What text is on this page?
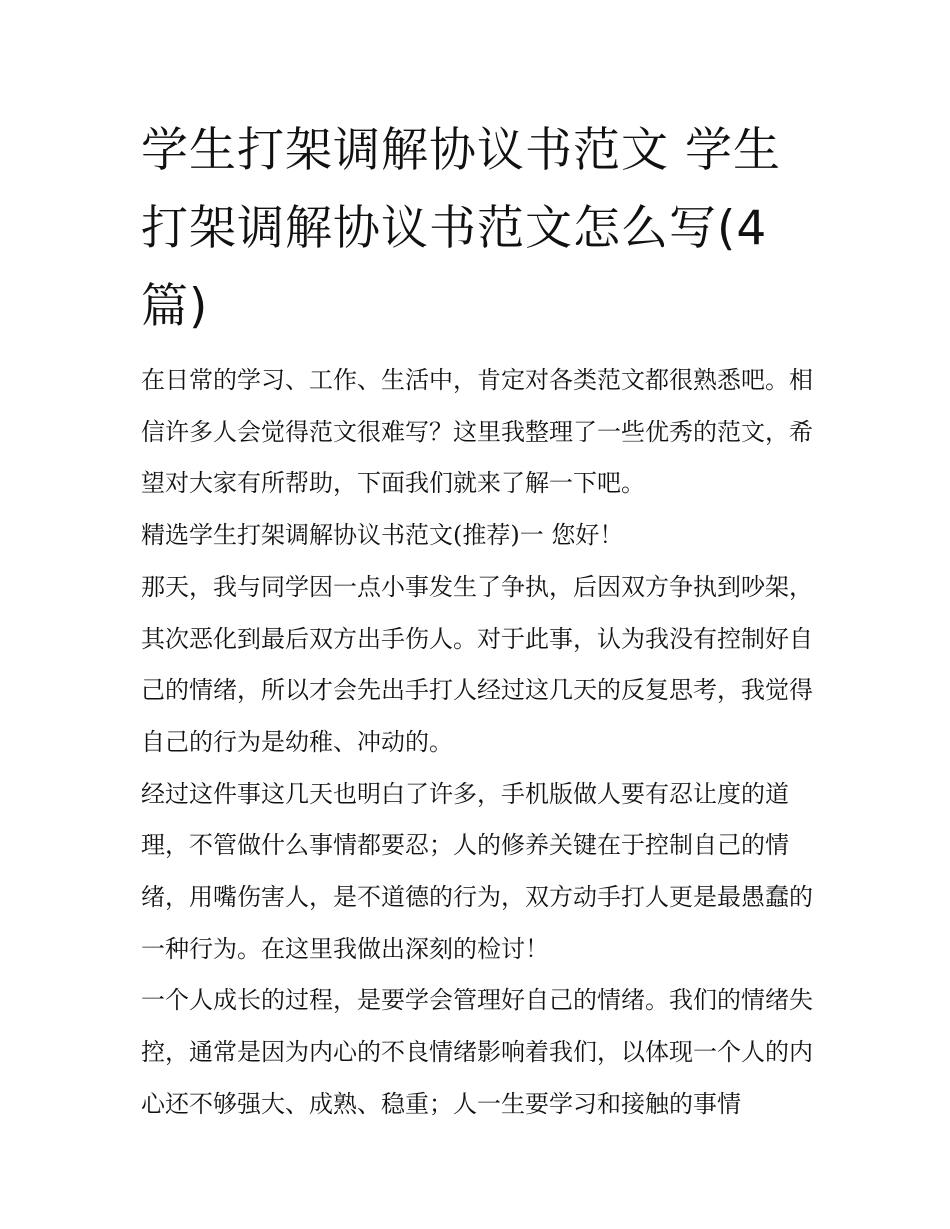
学生打架调解协议书范文 学生打架调解协议书范文怎么写(4篇)

在日常的学习、工作、生活中，肯定对各类范文都很熟悉吧。相信许多人会觉得范文很难写？这里我整理了一些优秀的范文，希望对大家有所帮助，下面我们就来了解一下吧。

精选学生打架调解协议书范文(推荐)一 您好！

那天，我与同学因一点小事发生了争执，后因双方争执到吵架，其次恶化到最后双方出手伤人。对于此事，认为我没有控制好自己的情绪，所以才会先出手打人经过这几天的反复思考，我觉得自己的行为是幼稚、冲动的。

经过这件事这几天也明白了许多，手机版做人要有忍让度的道理，不管做什么事情都要忍；人的修养关键在于控制自己的情绪，用嘴伤害人，是不道德的行为，双方动手打人更是最愚蠢的一种行为。在这里我做出深刻的检讨！

一个人成长的过程，是要学会管理好自己的情绪。我们的情绪失控，通常是因为内心的不良情绪影响着我们，以体现一个人的内心还不够强大、成熟、稳重；人一生要学习和接触的事情
